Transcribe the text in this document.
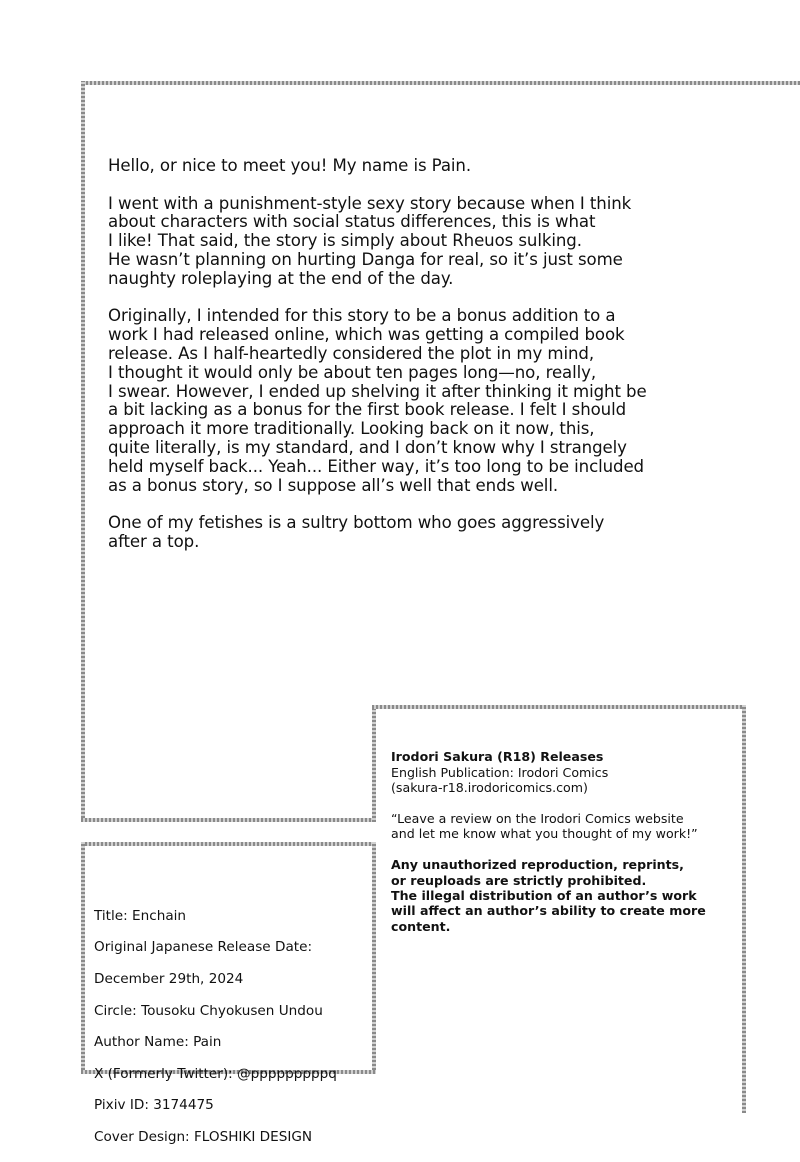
Hello, or nice to meet you! My name is Pain.

I went with a punishment-style sexy story because when I think
about characters with social status differences, this is what
I like! That said, the story is simply about Rheuos sulking.
He wasn’t planning on hurting Danga for real, so it’s just some
naughty roleplaying at the end of the day.

Originally, I intended for this story to be a bonus addition to a
work I had released online, which was getting a compiled book
release. As I half-heartedly considered the plot in my mind,
I thought it would only be about ten pages long—no, really,
I swear. However, I ended up shelving it after thinking it might be
a bit lacking as a bonus for the first book release. I felt I should
approach it more traditionally. Looking back on it now, this,
quite literally, is my standard, and I don’t know why I strangely
held myself back... Yeah... Either way, it’s too long to be included
as a bonus story, so I suppose all’s well that ends well.

One of my fetishes is a sultry bottom who goes aggressively
after a top.

Irodori Sakura (R18) Releases

English Publication: Irodori Comics
(sakura-r18.irodoricomics.com)

“Leave a review on the Irodori Comics website
and let me know what you thought of my work!”

Any unauthorized reproduction, reprints,
or reuploads are strictly prohibited.
The illegal distribution of an author’s work
will affect an author’s ability to create more
content.

Title: Enchain

Original Japanese Release Date:

December 29th, 2024

Circle: Tousoku Chyokusen Undou

Author Name: Pain

X (Formerly Twitter): @pppppppppq

Pixiv ID: 3174475

Cover Design: FLOSHIKI DESIGN
